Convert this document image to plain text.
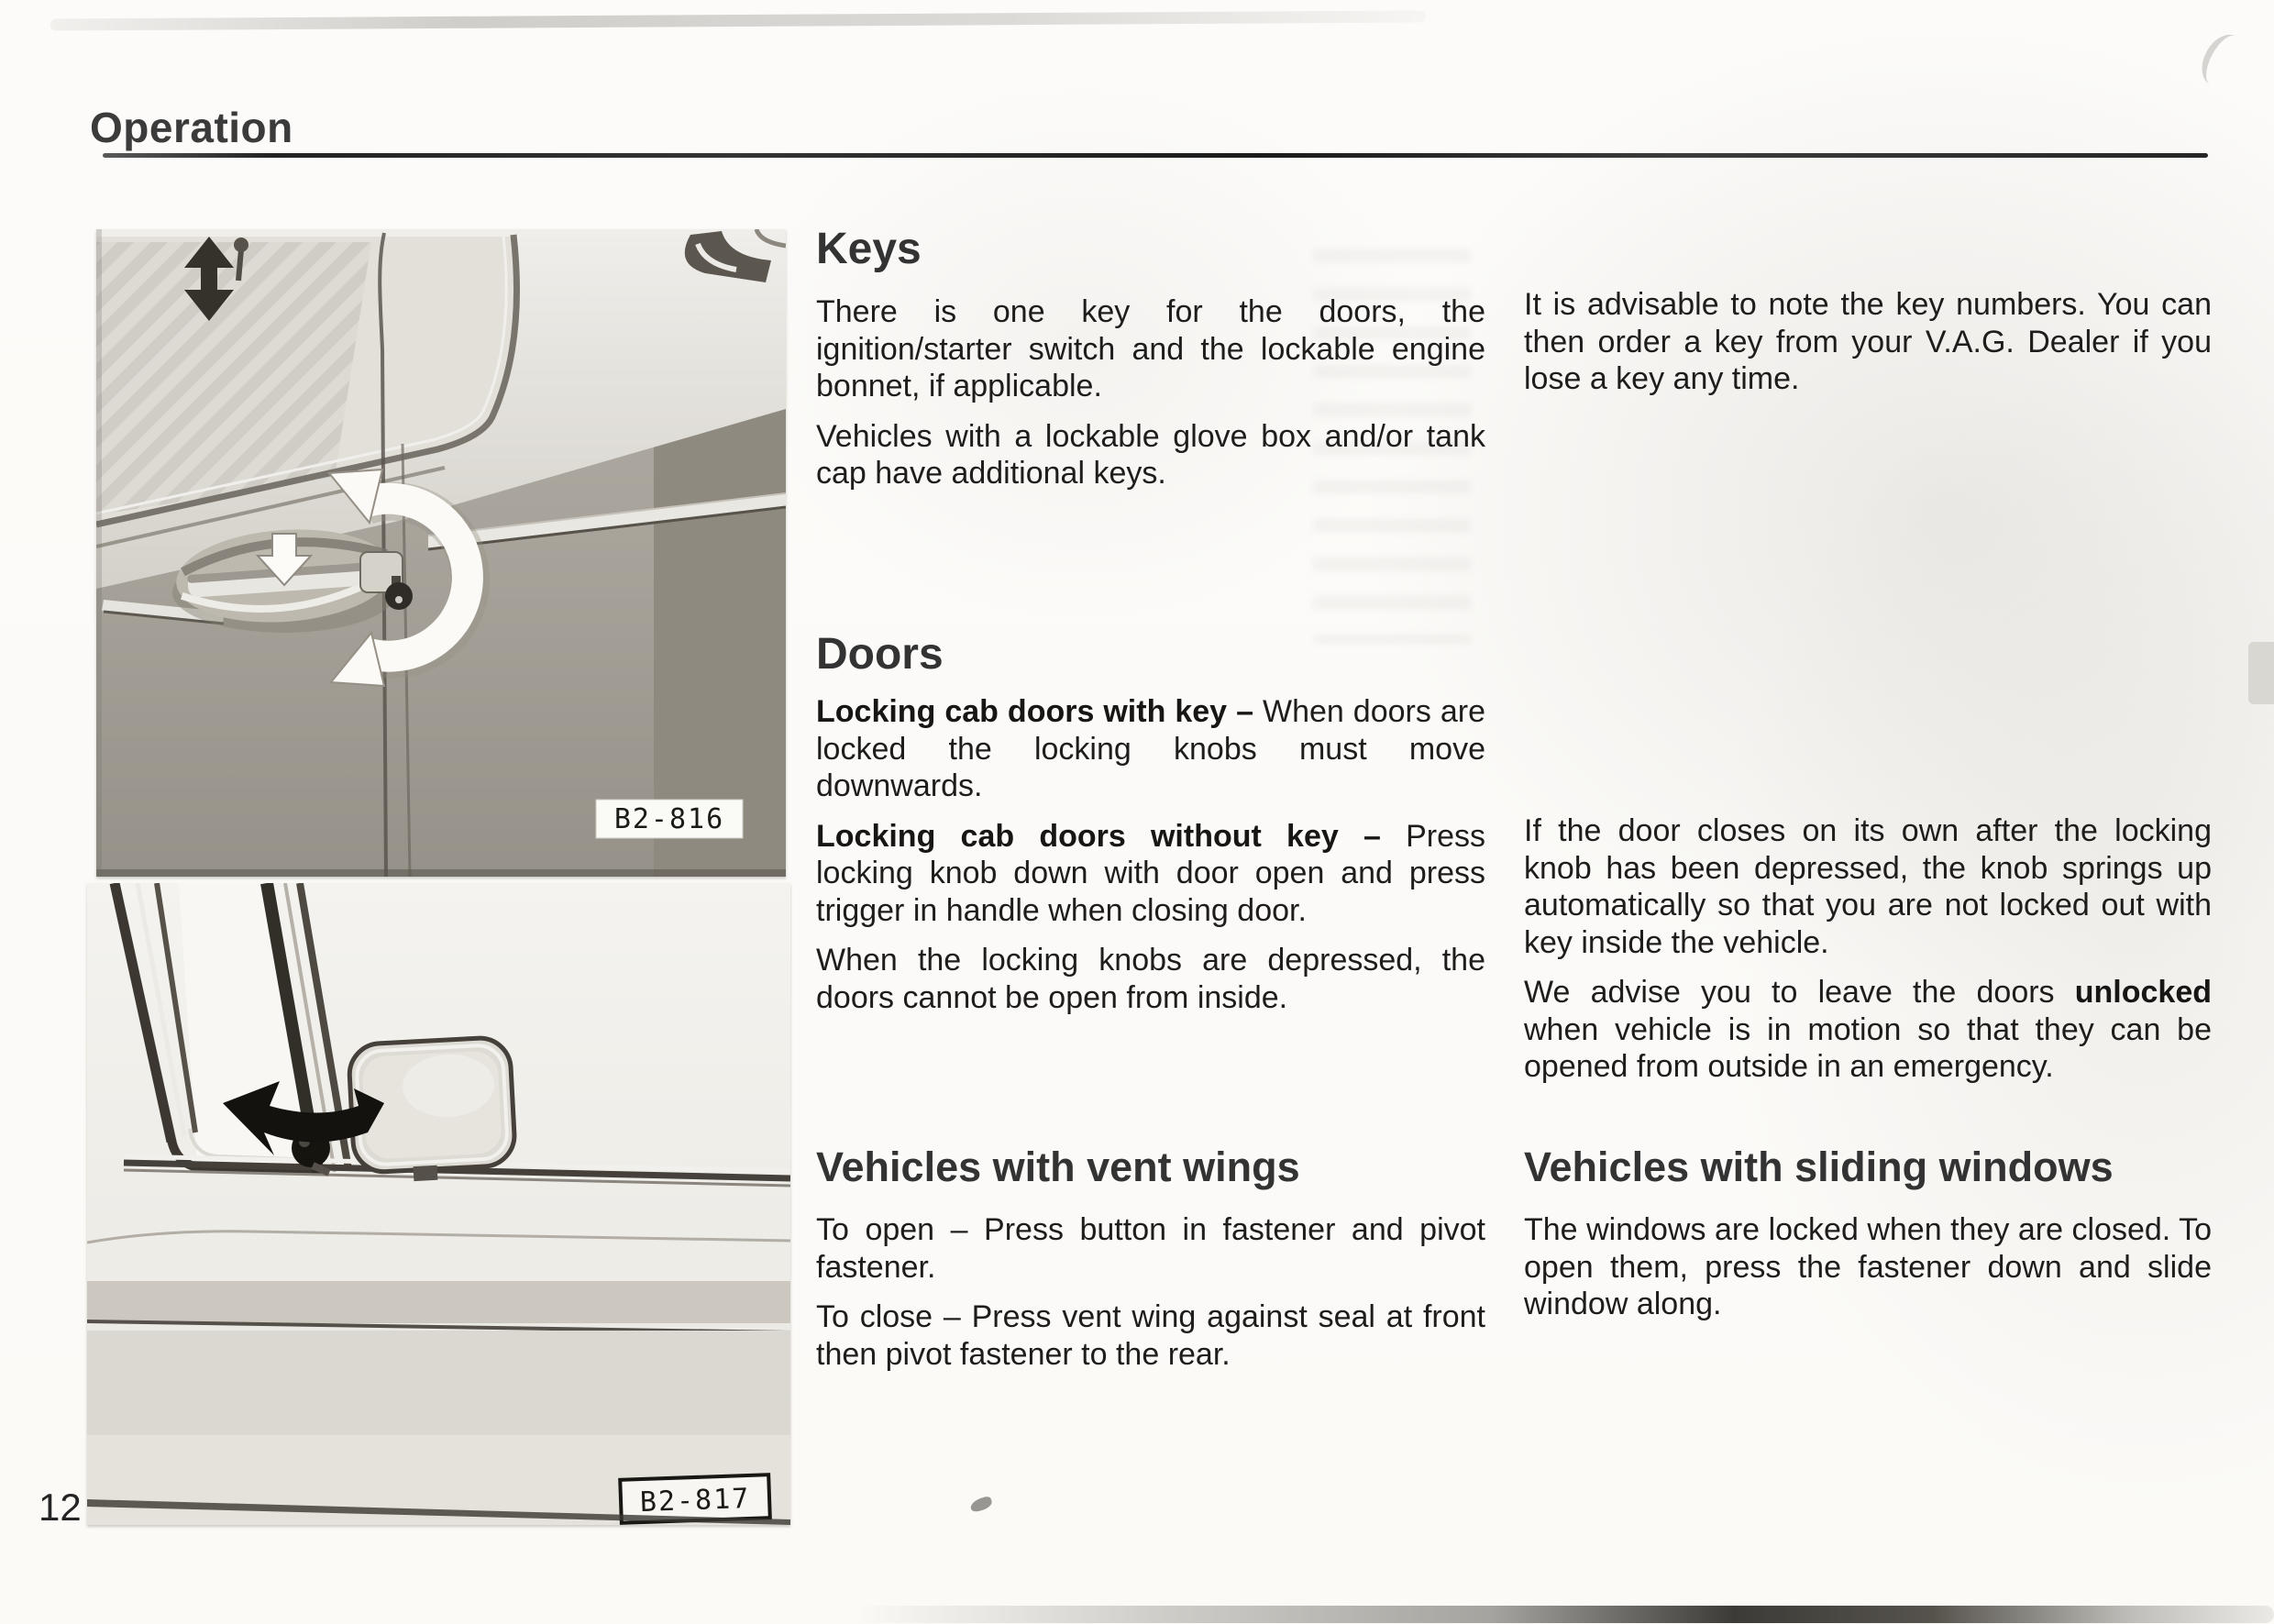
Operation
B2-816
B2-817
Keys

There is one key for the doors, the ignition/starter switch and the lockable engine bonnet, if applicable.

Vehicles with a lockable glove box and/or tank cap have additional keys.

It is advisable to note the key numbers. You can then order a key from your V.A.G. Dealer if you lose a key any time.

Doors

Locking cab doors with key – When doors are locked the locking knobs must move downwards.

Locking cab doors without key – Press locking knob down with door open and press trigger in handle when closing door.

When the locking knobs are depressed, the doors cannot be open from inside.

If the door closes on its own after the locking knob has been depressed, the knob springs up automatically so that you are not locked out with key inside the vehicle.

We advise you to leave the doors unlocked when vehicle is in motion so that they can be opened from outside in an emergency.

Vehicles with vent wings

To open – Press button in fastener and pivot fastener.

To close – Press vent wing against seal at front then pivot fastener to the rear.

Vehicles with sliding windows

The windows are locked when they are closed. To open them, press the fastener down and slide window along.

12
